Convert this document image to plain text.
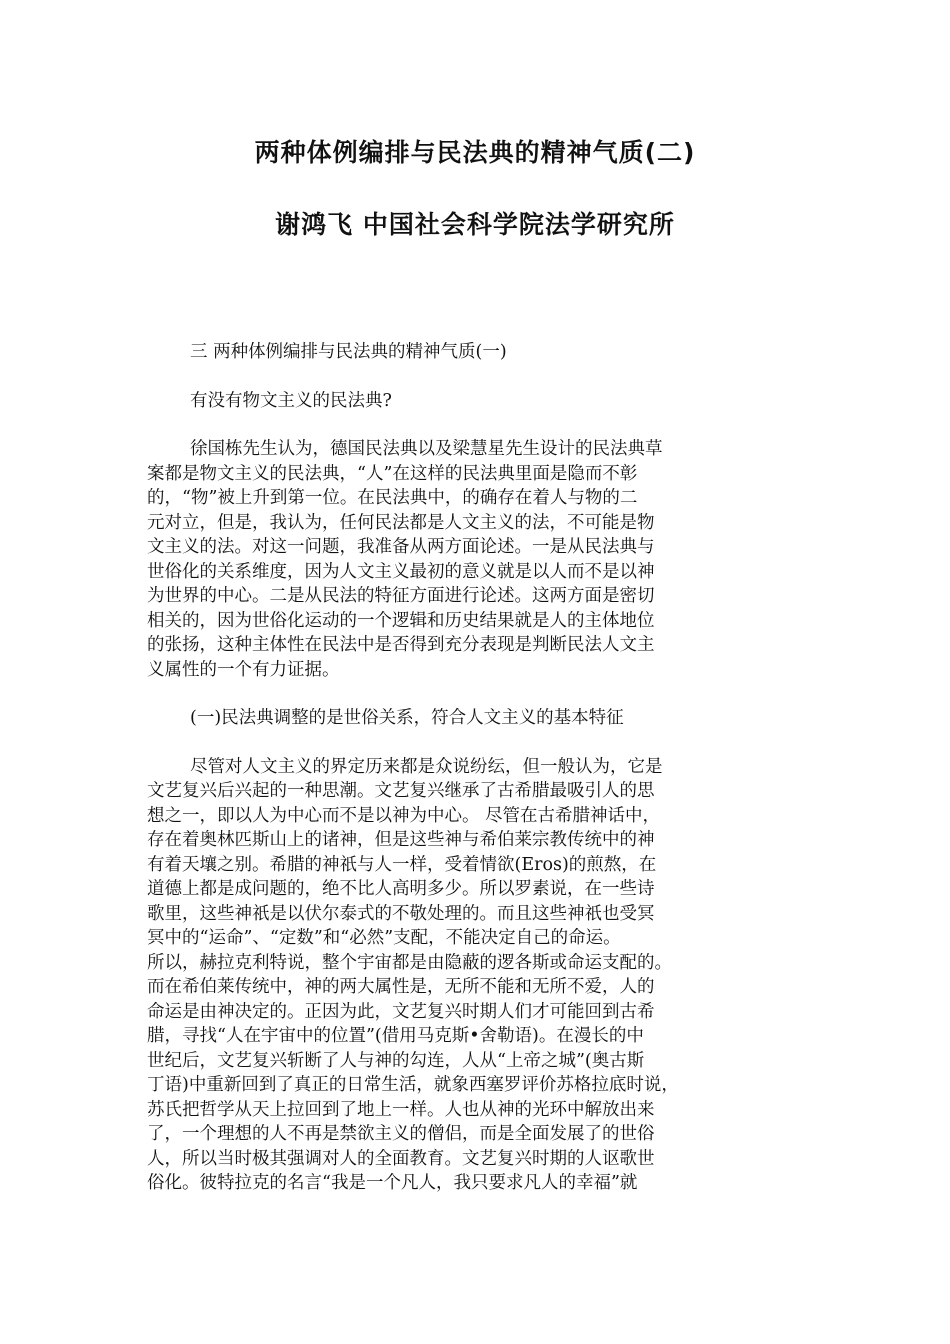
两种体例编排与民法典的精神气质(二)
谢鸿飞 中国社会科学院法学研究所

三 两种体例编排与民法典的精神气质(一)

有没有物文主义的民法典?

徐国栋先生认为，德国民法典以及梁慧星先生设计的民法典草
案都是物文主义的民法典，“人”在这样的民法典里面是隐而不彰
的，“物”被上升到第一位。在民法典中，的确存在着人与物的二
元对立，但是，我认为，任何民法都是人文主义的法，不可能是物
文主义的法。对这一问题，我准备从两方面论述。一是从民法典与
世俗化的关系维度，因为人文主义最初的意义就是以人而不是以神
为世界的中心。二是从民法的特征方面进行论述。这两方面是密切
相关的，因为世俗化运动的一个逻辑和历史结果就是人的主体地位
的张扬，这种主体性在民法中是否得到充分表现是判断民法人文主
义属性的一个有力证据。

(一)民法典调整的是世俗关系，符合人文主义的基本特征

尽管对人文主义的界定历来都是众说纷纭，但一般认为，它是
文艺复兴后兴起的一种思潮。文艺复兴继承了古希腊最吸引人的思
想之一，即以人为中心而不是以神为中心。 尽管在古希腊神话中，
存在着奥林匹斯山上的诸神，但是这些神与希伯莱宗教传统中的神
有着天壤之别。希腊的神祇与人一样，受着情欲(Eros)的煎熬，在
道德上都是成问题的，绝不比人高明多少。所以罗素说，在一些诗
歌里，这些神祇是以伏尔泰式的不敬处理的。而且这些神祇也受冥
冥中的“运命”、“定数”和“必然”支配，不能决定自己的命运。
所以，赫拉克利特说，整个宇宙都是由隐蔽的逻各斯或命运支配的。
而在希伯莱传统中，神的两大属性是，无所不能和无所不爱，人的
命运是由神决定的。正因为此，文艺复兴时期人们才可能回到古希
腊，寻找“人在宇宙中的位置”(借用马克斯•舍勒语)。在漫长的中
世纪后，文艺复兴斩断了人与神的勾连，人从“上帝之城”(奥古斯
丁语)中重新回到了真正的日常生活，就象西塞罗评价苏格拉底时说，
苏氏把哲学从天上拉回到了地上一样。人也从神的光环中解放出来
了，一个理想的人不再是禁欲主义的僧侣，而是全面发展了的世俗
人，所以当时极其强调对人的全面教育。文艺复兴时期的人讴歌世
俗化。彼特拉克的名言“我是一个凡人，我只要求凡人的幸福”就
